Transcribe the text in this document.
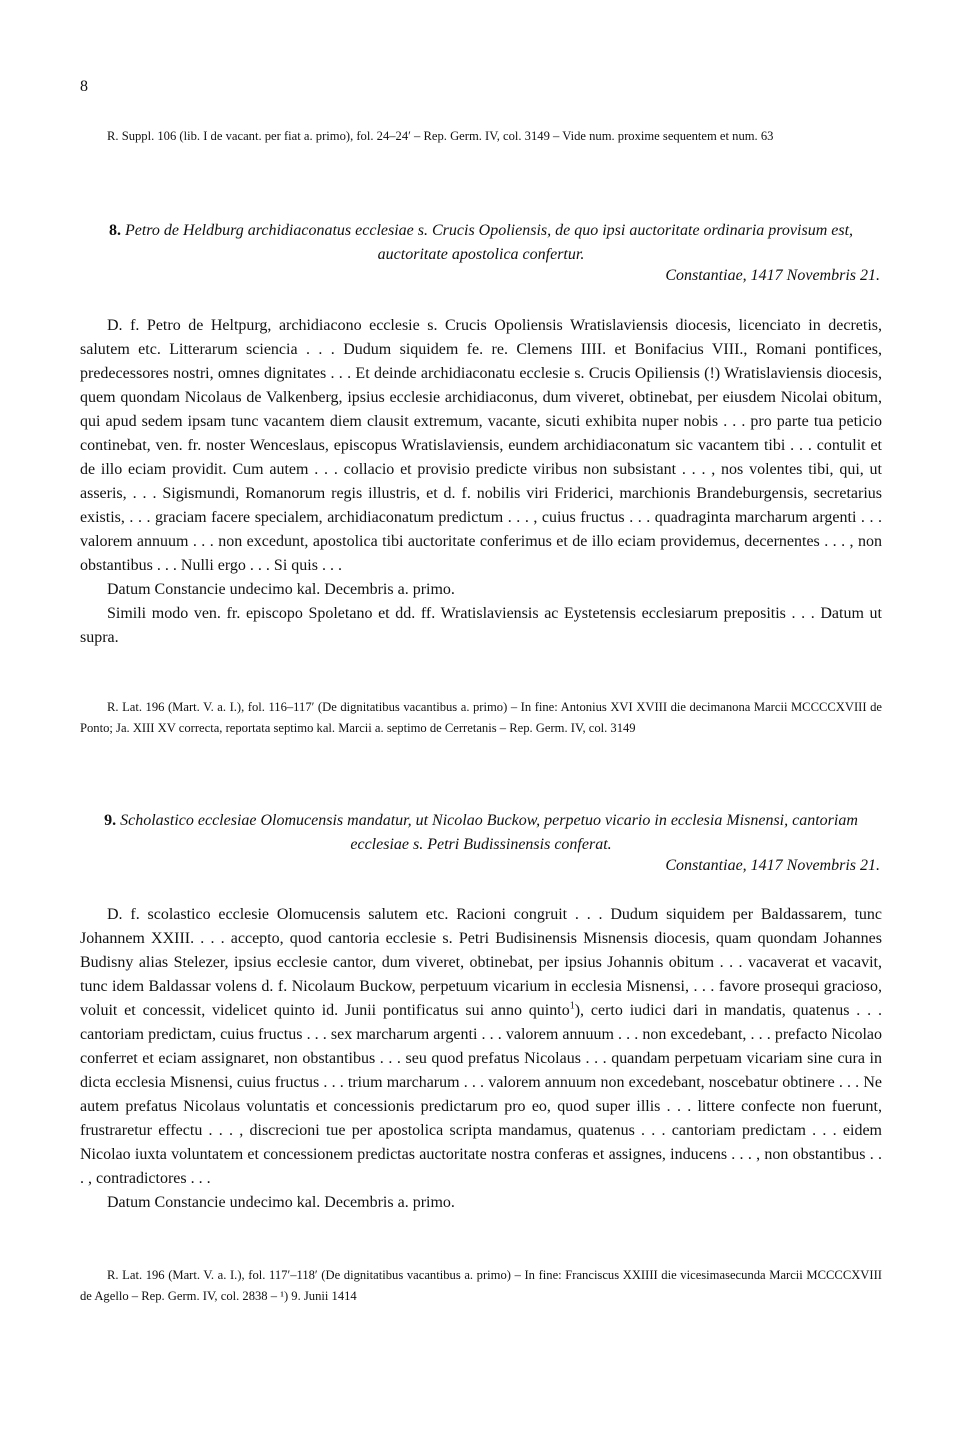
8
R. Suppl. 106 (lib. I de vacant. per fiat a. primo), fol. 24–24′ – Rep. Germ. IV, col. 3149 – Vide num. proxime sequentem et num. 63
8. Petro de Heldburg archidiaconatus ecclesiae s. Crucis Opoliensis, de quo ipsi auctoritate ordinaria provisum est, auctoritate apostolica confertur.
Constantiae, 1417 Novembris 21.

D. f. Petro de Heltpurg, archidiacono ecclesie s. Crucis Opoliensis Wratislaviensis diocesis, licenciato in decretis, salutem etc. Litterarum sciencia . . . Dudum siquidem fe. re. Clemens IIII. et Bonifacius VIII., Romani pontifices, predecessores nostri, omnes dignitates . . . Et deinde archidiaconatu ecclesie s. Crucis Opiliensis (!) Wratislaviensis diocesis, quem quondam Nicolaus de Valkenberg, ipsius ecclesie archidiaconus, dum viveret, obtinebat, per eiusdem Nicolai obitum, qui apud sedem ipsam tunc vacantem diem clausit extremum, vacante, sicuti exhibita nuper nobis . . . pro parte tua peticio continebat, ven. fr. noster Wenceslaus, episcopus Wratislaviensis, eundem archidiaconatum sic vacantem tibi . . . contulit et de illo eciam providit. Cum autem . . . collacio et provisio predicte viribus non subsistant . . . , nos volentes tibi, qui, ut asseris, . . . Sigismundi, Romanorum regis illustris, et d. f. nobilis viri Friderici, marchionis Brandeburgensis, secretarius existis, . . . graciam facere specialem, archidiaconatum predictum . . . , cuius fructus . . . quadraginta marcharum argenti . . . valorem annuum . . . non excedunt, apostolica tibi auctoritate conferimus et de illo eciam providemus, decernentes . . . , non obstantibus . . . Nulli ergo . . . Si quis . . .

Datum Constancie undecimo kal. Decembris a. primo.

Simili modo ven. fr. episcopo Spoletano et dd. ff. Wratislaviensis ac Eystetensis ecclesiarum prepositis . . . Datum ut supra.

R. Lat. 196 (Mart. V. a. I.), fol. 116–117′ (De dignitatibus vacantibus a. primo) – In fine: Antonius XVI XVIII die decimanona Marcii MCCCCXVIII de Ponto; Ja. XIII XV correcta, reportata septimo kal. Marcii a. septimo de Cerretanis – Rep. Germ. IV, col. 3149
9. Scholastico ecclesiae Olomucensis mandatur, ut Nicolao Buckow, perpetuo vicario in ecclesia Misnensi, cantoriam ecclesiae s. Petri Budissinensis conferat.
Constantiae, 1417 Novembris 21.

D. f. scolastico ecclesie Olomucensis salutem etc. Racioni congruit . . . Dudum siquidem per Baldassarem, tunc Johannem XXIII. . . . accepto, quod cantoria ecclesie s. Petri Budisinensis Misnensis diocesis, quam quondam Johannes Budisny alias Stelezer, ipsius ecclesie cantor, dum viveret, obtinebat, per ipsius Johannis obitum . . . vacaverat et vacavit, tunc idem Baldassar volens d. f. Nicolaum Buckow, perpetuum vicarium in ecclesia Misnensi, . . . favore prosequi gracioso, voluit et concessit, videlicet quinto id. Junii pontificatus sui anno quinto$^1$), certo iudici dari in mandatis, quatenus . . . cantoriam predictam, cuius fructus . . . sex marcharum argenti . . . valorem annuum . . . non excedebant, . . . prefacto Nicolao conferret et eciam assignaret, non obstantibus . . . seu quod prefatus Nicolaus . . . quandam perpetuam vicariam sine cura in dicta ecclesia Misnensi, cuius fructus . . . trium marcharum . . . valorem annuum non excedebant, noscebatur obtinere . . . Ne autem prefatus Nicolaus voluntatis et concessionis predictarum pro eo, quod super illis . . . littere confecte non fuerunt, frustraretur effectu . . . , discrecioni tue per apostolica scripta mandamus, quatenus . . . cantoriam predictam . . . eidem Nicolao iuxta voluntatem et concessionem predictas auctoritate nostra conferas et assignes, inducens . . . , non obstantibus . . . , contradictores . . .

Datum Constancie undecimo kal. Decembris a. primo.

R. Lat. 196 (Mart. V. a. I.), fol. 117′–118′ (De dignitatibus vacantibus a. primo) – In fine: Franciscus XXIIII die vicesimasecunda Marcii MCCCCXVIII de Agello – Rep. Germ. IV, col. 2838 – ¹) 9. Junii 1414
